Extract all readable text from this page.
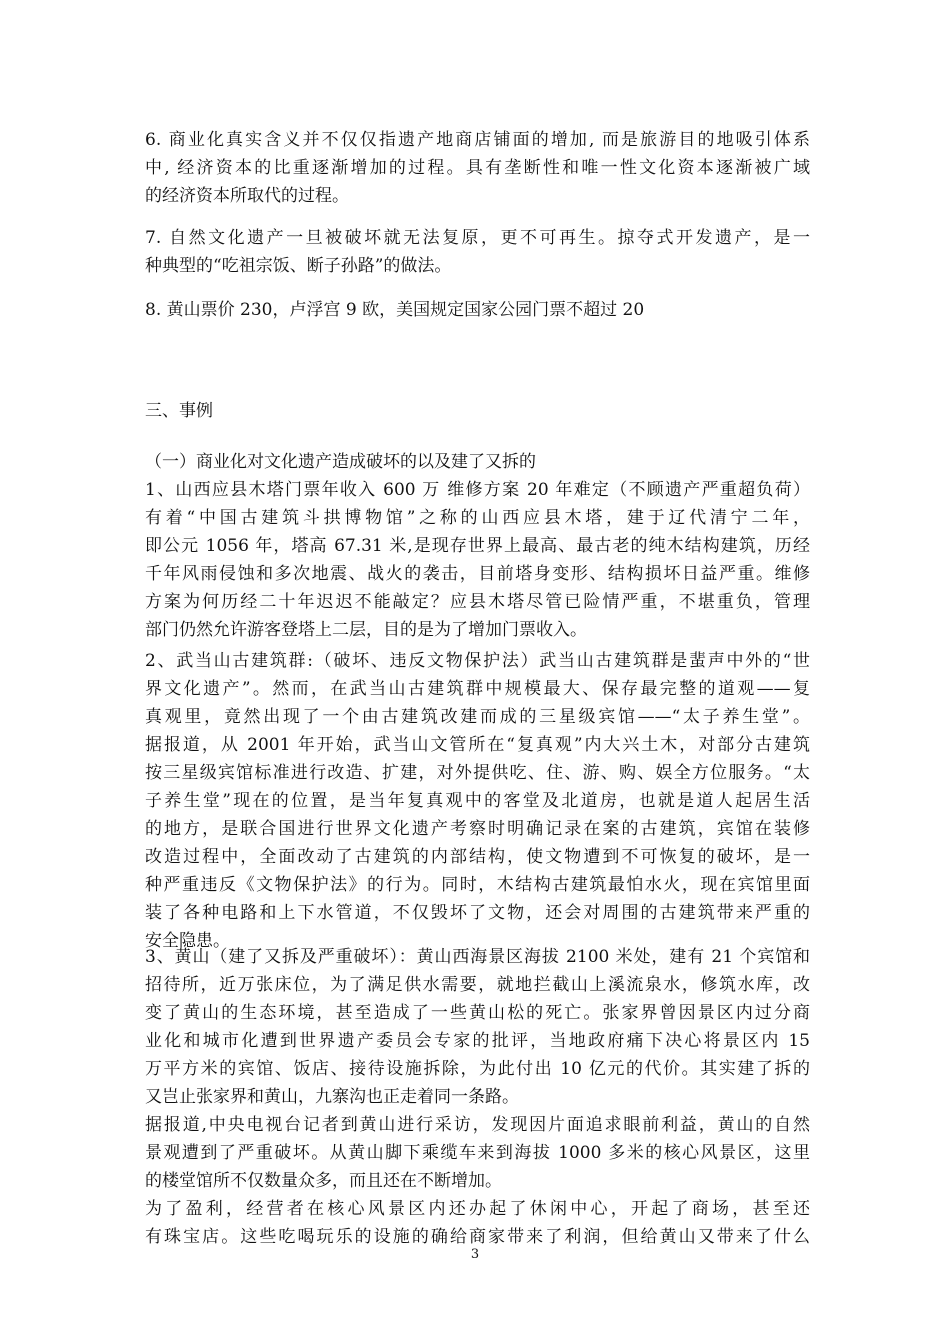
6. 商业化真实含义并不仅仅指遗产地商店铺面的增加, 而是旅游目的地吸引体系
中, 经济资本的比重逐渐增加的过程。具有垄断性和唯一性文化资本逐渐被广域
的经济资本所取代的过程。
7. 自然文化遗产一旦被破坏就无法复原，更不可再生。掠夺式开发遗产，是一
种典型的“吃祖宗饭、断子孙路”的做法。
8. 黄山票价 230，卢浮宫 9 欧，美国规定国家公园门票不超过 20
三、事例
（一）商业化对文化遗产造成破坏的以及建了又拆的
1、山西应县木塔门票年收入 600 万 维修方案 20 年难定（不顾遗产严重超负荷）
有着“中国古建筑斗拱博物馆”之称的山西应县木塔，建于辽代清宁二年，
即公元 1056 年，塔高 67.31 米,是现存世界上最高、最古老的纯木结构建筑，历经
千年风雨侵蚀和多次地震、战火的袭击，目前塔身变形、结构损坏日益严重。维修
方案为何历经二十年迟迟不能敲定？应县木塔尽管已险情严重，不堪重负，管理
部门仍然允许游客登塔上二层，目的是为了增加门票收入。
2、武当山古建筑群:（破坏、违反文物保护法）武当山古建筑群是蜚声中外的“世
界文化遗产”。然而，在武当山古建筑群中规模最大、保存最完整的道观——复
真观里，竟然出现了一个由古建筑改建而成的三星级宾馆——“太子养生堂”。
据报道，从 2001 年开始，武当山文管所在“复真观”内大兴土木，对部分古建筑
按三星级宾馆标准进行改造、扩建，对外提供吃、住、游、购、娱全方位服务。“太
子养生堂”现在的位置，是当年复真观中的客堂及北道房，也就是道人起居生活
的地方，是联合国进行世界文化遗产考察时明确记录在案的古建筑，宾馆在装修
改造过程中，全面改动了古建筑的内部结构，使文物遭到不可恢复的破坏，是一
种严重违反《文物保护法》的行为。同时，木结构古建筑最怕水火，现在宾馆里面
装了各种电路和上下水管道，不仅毁坏了文物，还会对周围的古建筑带来严重的
安全隐患。
3、黄山（建了又拆及严重破坏）：黄山西海景区海拔 2100 米处，建有 21 个宾馆和
招待所，近万张床位，为了满足供水需要，就地拦截山上溪流泉水，修筑水库，改
变了黄山的生态环境，甚至造成了一些黄山松的死亡。张家界曾因景区内过分商
业化和城市化遭到世界遗产委员会专家的批评，当地政府痛下决心将景区内 15
万平方米的宾馆、饭店、接待设施拆除，为此付出 10 亿元的代价。其实建了拆的
又岂止张家界和黄山，九寨沟也正走着同一条路。
据报道,中央电视台记者到黄山进行采访，发现因片面追求眼前利益，黄山的自然
景观遭到了严重破坏。从黄山脚下乘缆车来到海拔 1000 多米的核心风景区，这里
的楼堂馆所不仅数量众多，而且还在不断增加。
为了盈利，经营者在核心风景区内还办起了休闲中心，开起了商场，甚至还
有珠宝店。这些吃喝玩乐的设施的确给商家带来了利润，但给黄山又带来了什么
3
